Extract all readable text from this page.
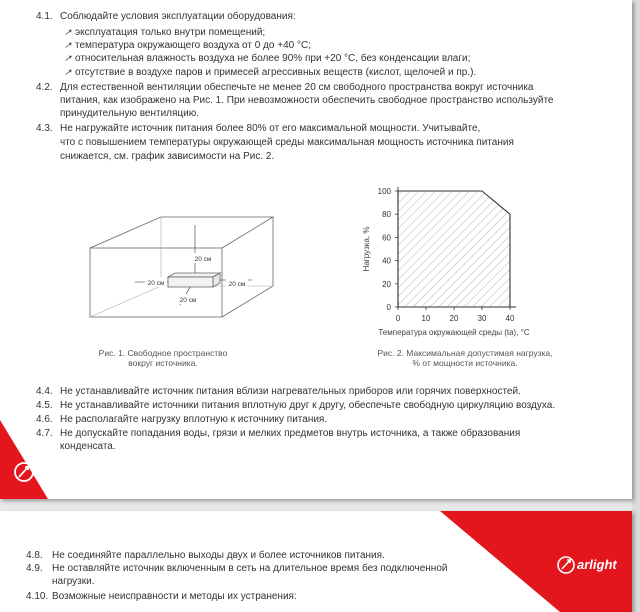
4.1. Соблюдайте условия эксплуатации оборудования:
↗ эксплуатация только внутри помещений;
↗ температура окружающего воздуха от 0 до +40 °C;
↗ относительная влажность воздуха не более 90% при +20 °C, без конденсации влаги;
↗ отсутствие в воздухе паров и примесей агрессивных веществ (кислот, щелочей и пр.).
4.2. Для естественной вентиляции обеспечьте не менее 20 см свободного пространства вокруг источника
питания, как изображено на Рис. 1. При невозможности обеспечить свободное пространство используйте
принудительную вентиляцию.
4.3. Не нагружайте источник питания более 80% от его максимальной мощности. Учитывайте,
что с повышением температуры окружающей среды максимальная мощность источника питания
снижается, см. график зависимости на Рис. 2.
20 см
20 см	20 см
20 см
Рис. 1. Свободное пространство
вокруг источника.
0
20
40
60
80
100
0	10 20 30 40
Температура окружающей среды (ta), °C
Нагрузка, %
Рис. 2. Максимальная допустимая нагрузка,
% от мощности источника.
4.4. Не устанавливайте источник питания вблизи нагревательных приборов или горячих поверхностей.
4.5. Не устанавливайте источники питания вплотную друг к другу, обеспечьте свободную циркуляцию воздуха.
4.6. Не располагайте нагрузку вплотную к источнику питания.
4.7. Не допускайте попадания воды, грязи и мелких предметов внутрь источника, а также образования
конденсата.
arlight
4.8. Не соединяйте параллельно выходы двух и более источников питания.
4.9. Не оставляйте источник включенным в сеть на длительное время без подключенной
нагрузки.
4.10. Возможные неисправности и методы их устранения:
